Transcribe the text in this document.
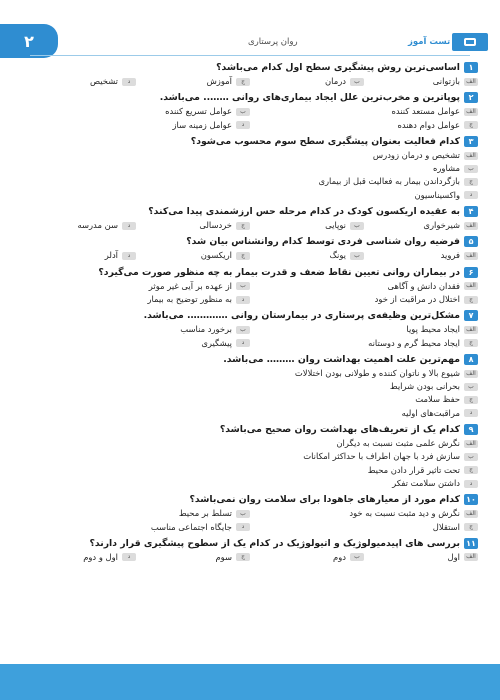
۲	روان پرستاری	تست آموز
۱
اساسی‌ترین روش پیشگیری سطح اول کدام می‌باشد؟
الف
بازتوانی
ب
درمان
ج
آموزش
د
تشخیص
۲
پوپاترین و مخرب‌ترین علل ایجاد بیماری‌های روانی …….. می‌باشد.
الف
عوامل مستعد کننده
ب
عوامل تسریع کننده
ج
عوامل دوام دهنده
د
عوامل زمینه ساز
۳
کدام فعالیت بعنوان پیشگیری سطح سوم محسوب می‌شود؟
الف
تشخیص و درمان زودرس
ب
مشاوره
ج
بازگرداندن بیمار به فعالیت قبل از بیماری
د
واکسیناسیون
۴
به عقیده اریکسون کودک در کدام مرحله حس ارزشمندی پیدا می‌کند؟
الف
شیرخواری
ب
نوپایی
ج
خردسالی
د
سن مدرسه
۵
فرضیه روان شناسی فردی توسط کدام روانشناس بیان شد؟
الف
فروید
ب
یونگ
ج
اریکسون
د
آدلر
۶
در بیماران روانی تعیین نقاط ضعف و قدرت بیمار به چه منظور صورت می‌گیرد؟
الف
فقدان دانش و آگاهی
ب
از عهده بر آیی غیر موثر
ج
اختلال در مراقبت از خود
د
به منظور توضیح به بیمار
۷
مشکل‌ترین وظیفه‌ی پرستاری در بیمارستان روانی …………. می‌باشد.
الف
ایجاد محیط پویا
ب
برخورد مناسب
ج
ایجاد محیط گرم و دوستانه
د
پیشگیری
۸
مهم‌ترین علت اهمیت بهداشت روان ……… می‌باشد.
الف
شیوع بالا و ناتوان کننده و طولانی بودن اختلالات
ب
بحرانی بودن شرایط
ج
حفظ سلامت
د
مراقبت‌های اولیه
۹
کدام یک از تعریف‌های بهداشت روان صحیح می‌باشد؟
الف
نگرش علمی مثبت نسبت به دیگران
ب
سازش فرد با جهان اطراف با حداکثر امکانات
ج
تحت تاثیر قرار دادن محیط
د
داشتن سلامت تفکر
۱۰
کدام مورد از معیارهای جاهودا برای سلامت روان نمی‌باشد؟
الف
نگرش و دید مثبت نسبت به خود
ب
تسلط بر محیط
ج
استقلال
د
جایگاه اجتماعی مناسب
۱۱
بررسی های اپیدمیولوژیک و اتیولوژیک در کدام یک از سطوح پیشگیری قرار دارند؟
الف
اول
ب
دوم
ج
سوم
د
اول و دوم
